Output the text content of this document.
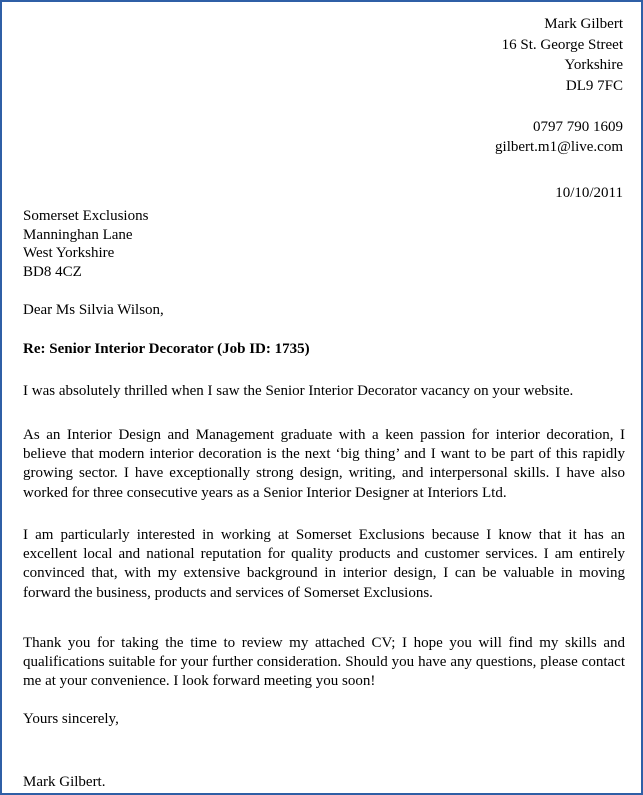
Mark Gilbert
16 St. George Street
Yorkshire
DL9 7FC
0797 790 1609
gilbert.m1@live.com
10/10/2011
Somerset Exclusions
Manninghan Lane
West Yorkshire
BD8 4CZ
Dear Ms Silvia Wilson,
Re: Senior Interior Decorator (Job ID: 1735)
I was absolutely thrilled when I saw the Senior Interior Decorator vacancy on your website.
As an Interior Design and Management graduate with a keen passion for interior decoration, I believe that modern interior decoration is the next ‘big thing’ and I want to be part of this rapidly growing sector. I have exceptionally strong design, writing, and interpersonal skills. I have also worked for three consecutive years as a Senior Interior Designer at Interiors Ltd.
I am particularly interested in working at Somerset Exclusions because I know that it has an excellent local and national reputation for quality products and customer services. I am entirely convinced that, with my extensive background in interior design, I can be valuable in moving forward the business, products and services of Somerset Exclusions.
Thank you for taking the time to review my attached CV; I hope you will find my skills and qualifications suitable for your further consideration. Should you have any questions, please contact me at your convenience. I look forward meeting you soon!
Yours sincerely,
Mark Gilbert.
